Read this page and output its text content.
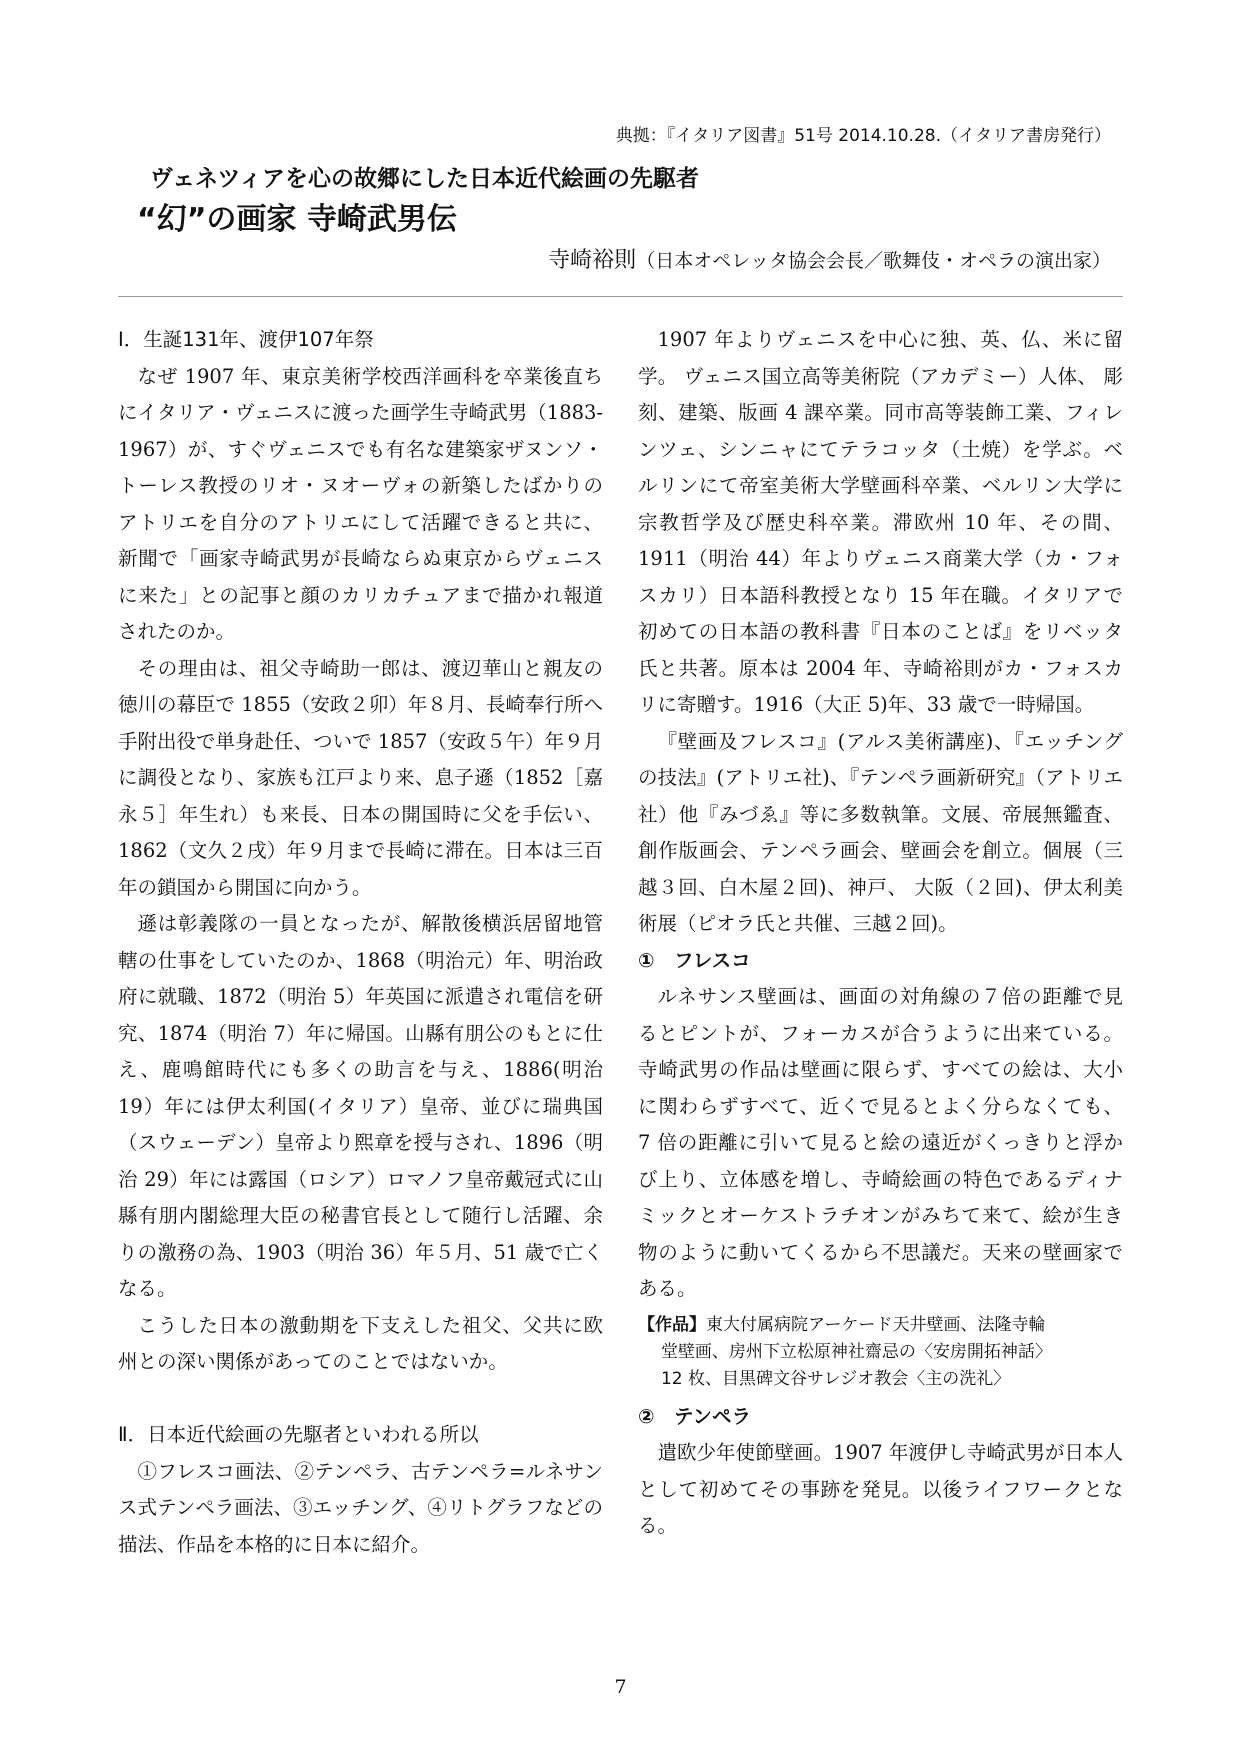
典拠：『イタリア図書』51号 2014.10.28.（イタリア書房発行）
ヴェネツィアを心の故郷にした日本近代絵画の先駆者
“幻”の画家 寺崎武男伝
寺崎裕則（日本オペレッタ協会会長／歌舞伎・オペラの演出家）

Ⅰ．生誕131年、渡伊107年祭

なぜ 1907 年、東京美術学校西洋画科を卒業後直ちにイタリア・ヴェニスに渡った画学生寺崎武男（1883- 1967）が、すぐヴェニスでも有名な建築家ザヌンソ・トーレス教授のリオ・ヌオーヴォの新築したばかりのアトリエを自分のアトリエにして活躍できると共に、新聞で「画家寺崎武男が長崎ならぬ東京からヴェニスに来た」との記事と顔のカリカチュアまで描かれ報道されたのか。

その理由は、祖父寺崎助一郎は、渡辺華山と親友の徳川の幕臣で 1855（安政２卯）年８月、長崎奉行所へ手附出役で単身赴任、ついで 1857（安政５午）年９月に調役となり、家族も江戸より来、息子遜（1852［嘉永５］年生れ）も来長、日本の開国時に父を手伝い、1862（文久２戌）年９月まで長崎に滞在。日本は三百年の鎖国から開国に向かう。

遜は彰義隊の一員となったが、解散後横浜居留地管轄の仕事をしていたのか、1868（明治元）年、明治政府に就職、1872（明治 5）年英国に派遣され電信を研究、1874（明治 7）年に帰国。山縣有朋公のもとに仕え、鹿鳴館時代にも多くの助言を与え、1886(明治 19）年には伊太利国(イタリア）皇帝、並びに瑞典国（スウェーデン）皇帝より熙章を授与され、1896（明治 29）年には露国（ロシア）ロマノフ皇帝戴冠式に山縣有朋内閣総理大臣の秘書官長として随行し活躍、余りの激務の為、1903（明治 36）年５月、51 歳で亡くなる。

こうした日本の激動期を下支えした祖父、父共に欧州との深い関係があってのことではないか。

Ⅱ．日本近代絵画の先駆者といわれる所以

①フレスコ画法、②テンペラ、古テンペラ=ルネサンス式テンペラ画法、③エッチング、④リトグラフなどの描法、作品を本格的に日本に紹介。

1907 年よりヴェニスを中心に独、英、仏、米に留学。 ヴェニス国立高等美術院（アカデミー）人体、 彫刻、建築、版画 4 課卒業。同市高等装飾工業、フィレンツェ、シンニャにてテラコッタ（土焼）を学ぶ。ベルリンにて帝室美術大学壁画科卒業、ベルリン大学に宗教哲学及び歴史科卒業。滞欧州 10 年、その間、1911（明治 44）年よりヴェニス商業大学（カ・フォスカリ）日本語科教授となり 15 年在職。イタリアで初めての日本語の教科書『日本のことば』をリベッタ氏と共著。原本は 2004 年、寺崎裕則がカ・フォスカリに寄贈す。1916（大正 5)年、33 歳で一時帰国。

『壁画及フレスコ』(アルス美術講座)、『エッチングの技法』(アトリエ社)、『テンペラ画新研究』（アトリエ社）他『みづゑ』等に多数執筆。文展、帝展無鑑査、創作版画会、テンペラ画会、壁画会を創立。個展（三越３回、白木屋２回)、神戸、 大阪（２回)、伊太利美術展（ピオラ氏と共催、三越２回)。

①　フレスコ

ルネサンス壁画は、画面の対角線の７倍の距離で見るとピントが、フォーカスが合うように出来ている。寺崎武男の作品は壁画に限らず、すべての絵は、大小に関わらずすべて、近くで見るとよく分らなくても、 7 倍の距離に引いて見ると絵の遠近がくっきりと浮かび上り、立体感を増し、寺崎絵画の特色であるディナミックとオーケストラチオンがみちて来て、絵が生き物のように動いてくるから不思議だ。天来の壁画家である。

【作品】東大付属病院アーケード天井壁画、法隆寺輪
堂壁画、房州下立松原神社齋忌の〈安房開拓神話〉
12 枚、目黒碑文谷サレジオ教会〈主の洗礼〉

②　テンペラ

遣欧少年使節壁画。1907 年渡伊し寺崎武男が日本人として初めてその事跡を発見。以後ライフワークとなる。

7
